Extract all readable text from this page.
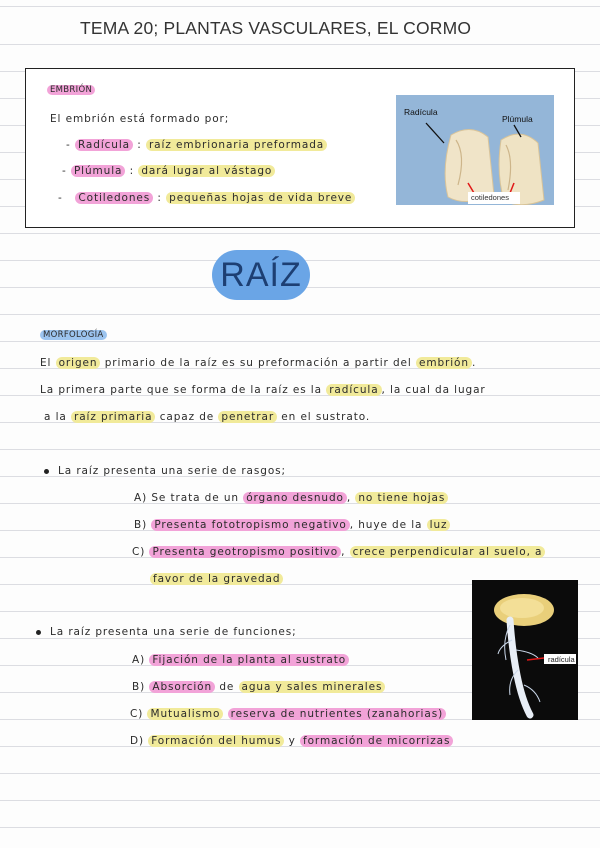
TEMA 20; PLANTAS VASCULARES, EL CORMO
EMBRIÓN
El embrión está formado por;
- Radícula : raíz embrionaria preformada
- Plúmula : dará lugar al vástago
- Cotiledones : pequeñas hojas de vida breve
Radícula
Plúmula
cotiledones
RAÍZ
MORFOLOGÍA
El origen primario de la raíz es su preformación a partir del embrión .
La primera parte que se forma de la raíz es la radícula , la cual da lugar
a la raíz primaria capaz de penetrar en el sustrato.
La raíz presenta una serie de rasgos;
A) Se trata de un órgano desnudo , no tiene hojas
B) Presenta fototropismo negativo , huye de la luz
C) Presenta geotropismo positivo , crece perpendicular al suelo, a
favor de la gravedad
radícula
La raíz presenta una serie de funciones;
A) Fijación de la planta al sustrato
B) Absorción de agua y sales minerales
C) Mutualismo reserva de nutrientes (zanahorias)
D) Formación del humus y formación de micorrizas
